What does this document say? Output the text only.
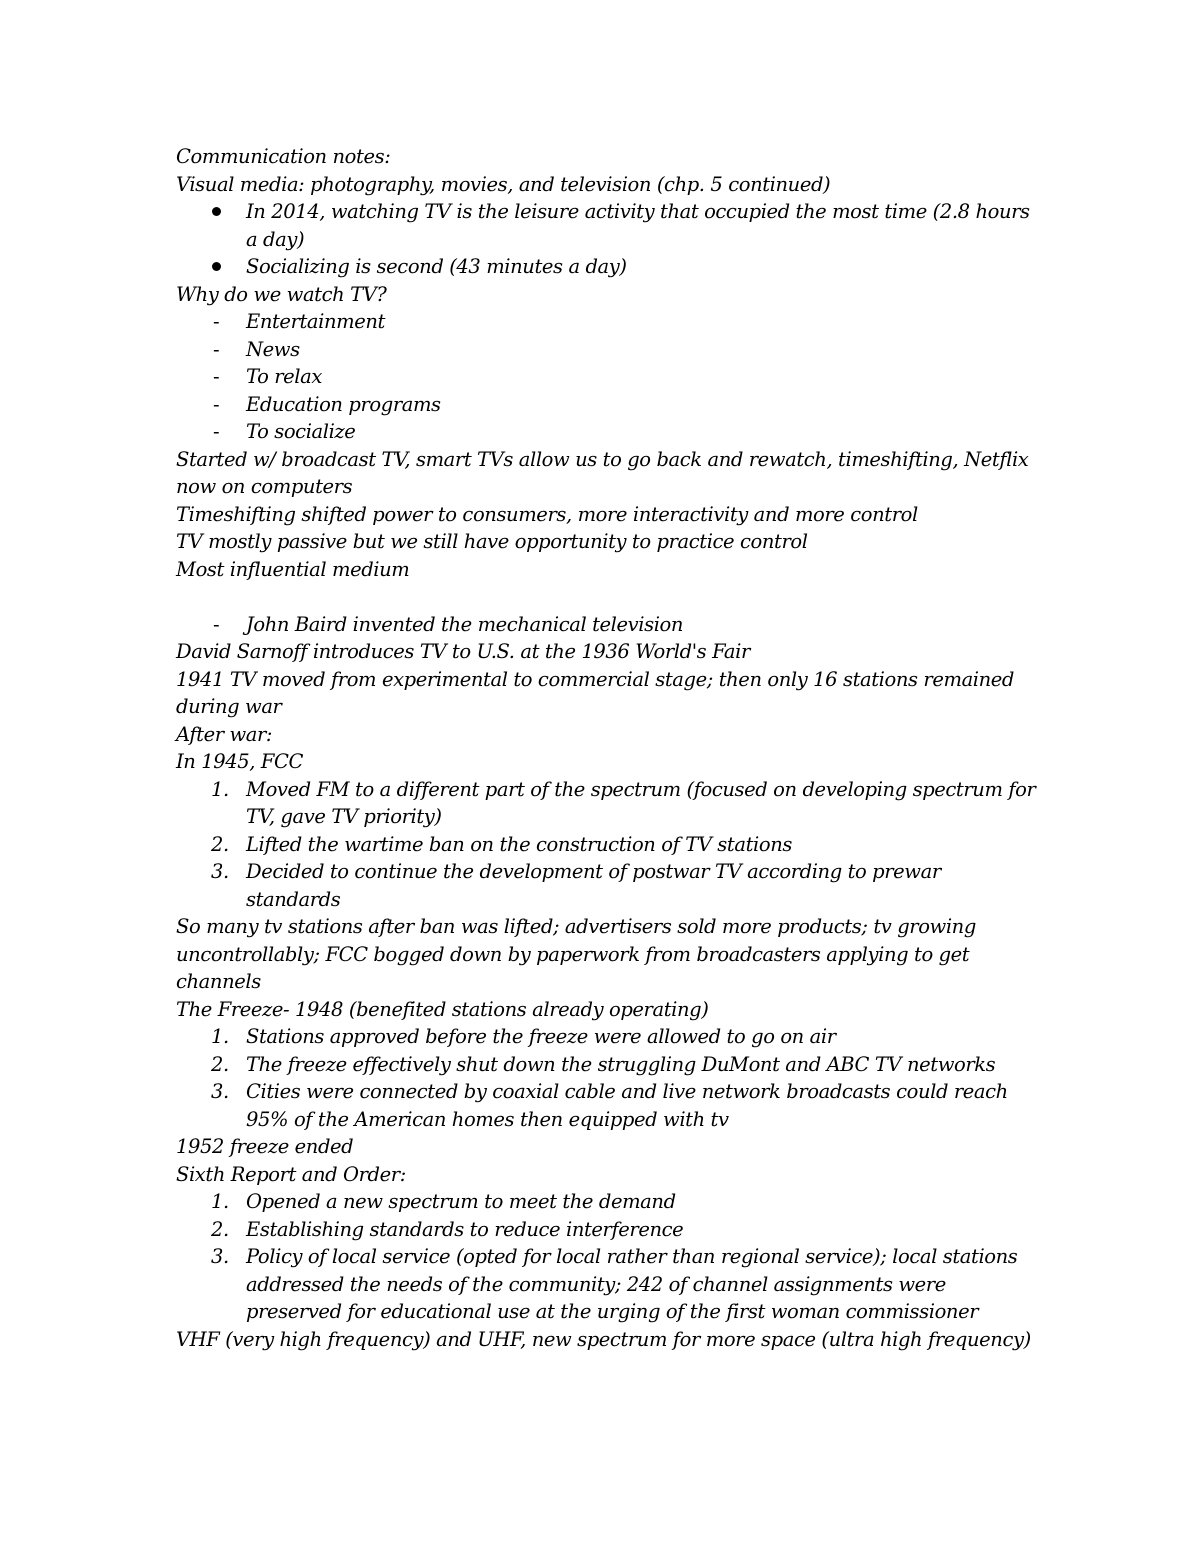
Communication notes:

Visual media: photography, movies, and television (chp. 5 continued)

In 2014, watching TV is the leisure activity that occupied the most time (2.8 hours a day)
Socializing is second (43 minutes a day)

Why do we watch TV?

- Entertainment
- News
- To relax
- Education programs
- To socialize

Started w/ broadcast TV, smart TVs allow us to go back and rewatch, timeshifting, Netflix now on computers

Timeshifting shifted power to consumers, more interactivity and more control

TV mostly passive but we still have opportunity to practice control

Most influential medium

- John Baird invented the mechanical television

David Sarnoff introduces TV to U.S. at the 1936 World's Fair

1941 TV moved from experimental to commercial stage; then only 16 stations remained during war

After war:

In 1945, FCC

1. Moved FM to a different part of the spectrum (focused on developing spectrum for TV, gave TV priority)
2. Lifted the wartime ban on the construction of TV stations
3. Decided to continue the development of postwar TV according to prewar standards

So many tv stations after ban was lifted; advertisers sold more products; tv growing uncontrollably; FCC bogged down by paperwork from broadcasters applying to get channels

The Freeze- 1948 (benefited stations already operating)

1. Stations approved before the freeze were allowed to go on air
2. The freeze effectively shut down the struggling DuMont and ABC TV networks
3. Cities were connected by coaxial cable and live network broadcasts could reach 95% of the American homes then equipped with tv

1952 freeze ended

Sixth Report and Order:

1. Opened a new spectrum to meet the demand
2. Establishing standards to reduce interference
3. Policy of local service (opted for local rather than regional service); local stations addressed the needs of the community; 242 of channel assignments were preserved for educational use at the urging of the first woman commissioner

VHF (very high frequency) and UHF, new spectrum for more space (ultra high frequency)
